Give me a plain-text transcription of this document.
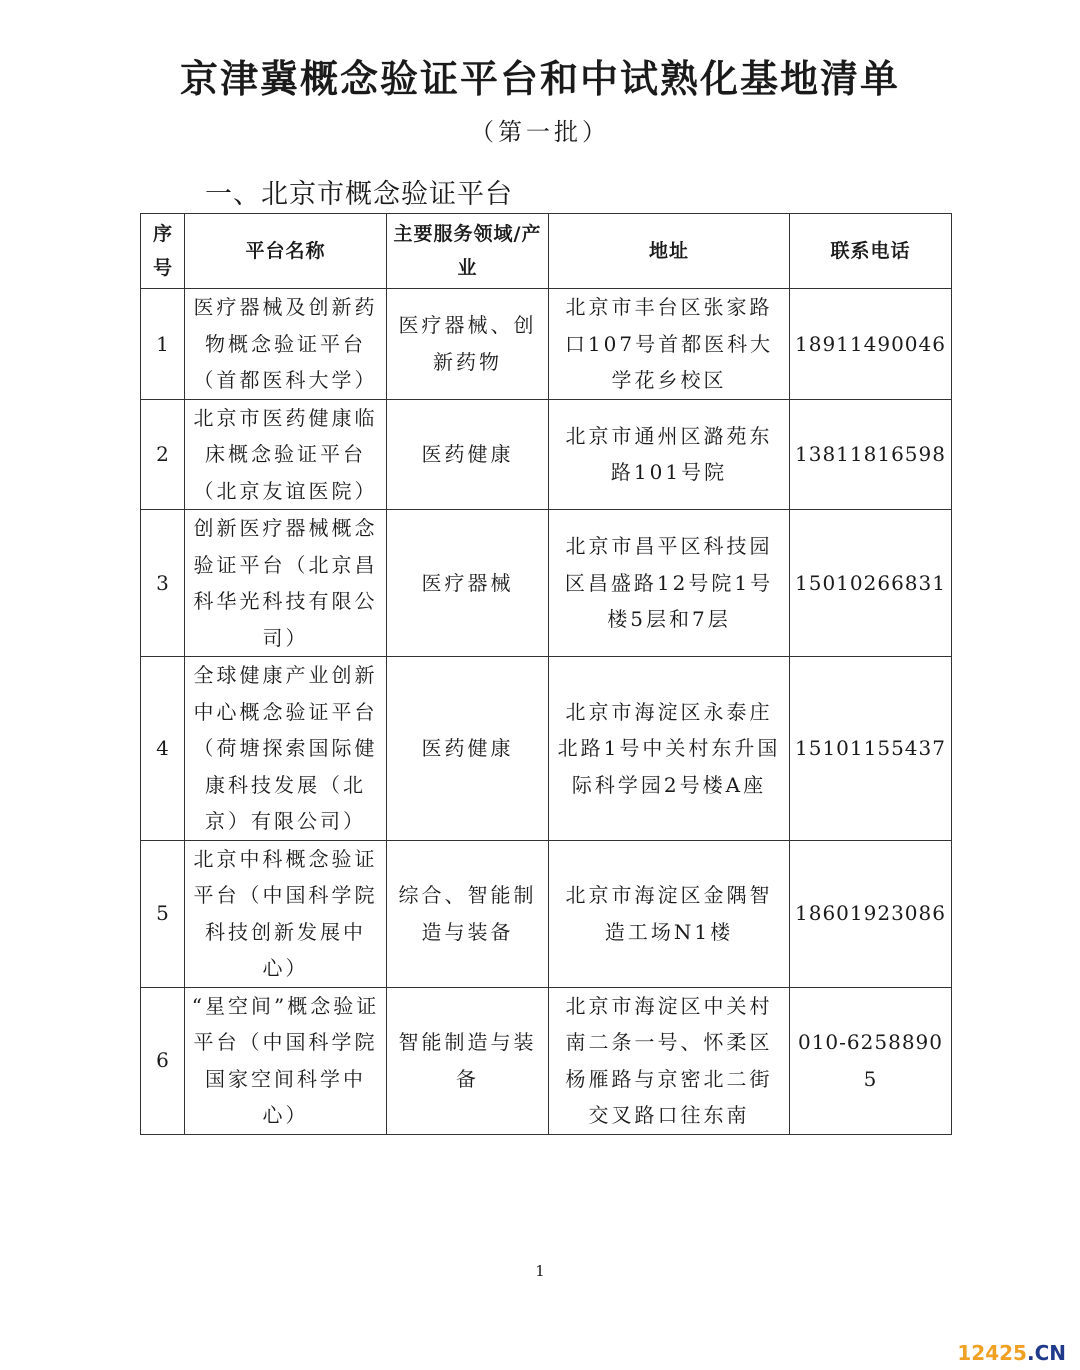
京津冀概念验证平台和中试熟化基地清单
（第一批）
一、北京市概念验证平台
序号	平台名称	主要服务领域/产业	地址	联系电话
1	医疗器械及创新药物概念验证平台（首都医科大学）	医疗器械、创新药物	北京市丰台区张家路口107号首都医科大学花乡校区	18911490046
2	北京市医药健康临床概念验证平台（北京友谊医院）	医药健康	北京市通州区潞苑东路101号院	13811816598
3	创新医疗器械概念验证平台（北京昌科华光科技有限公司）	医疗器械	北京市昌平区科技园区昌盛路12号院1号楼5层和7层	15010266831
4	全球健康产业创新中心概念验证平台（荷塘探索国际健康科技发展（北京）有限公司）	医药健康	北京市海淀区永泰庄北路1号中关村东升国际科学园2号楼A座	15101155437
5	北京中科概念验证平台（中国科学院科技创新发展中心）	综合、智能制造与装备	北京市海淀区金隅智造工场N1楼	18601923086
6	“星空间”概念验证平台（中国科学院国家空间科学中心）	智能制造与装备	北京市海淀区中关村南二条一号、怀柔区杨雁路与京密北二街交叉路口往东南	010-62588905
1
12425.CN
